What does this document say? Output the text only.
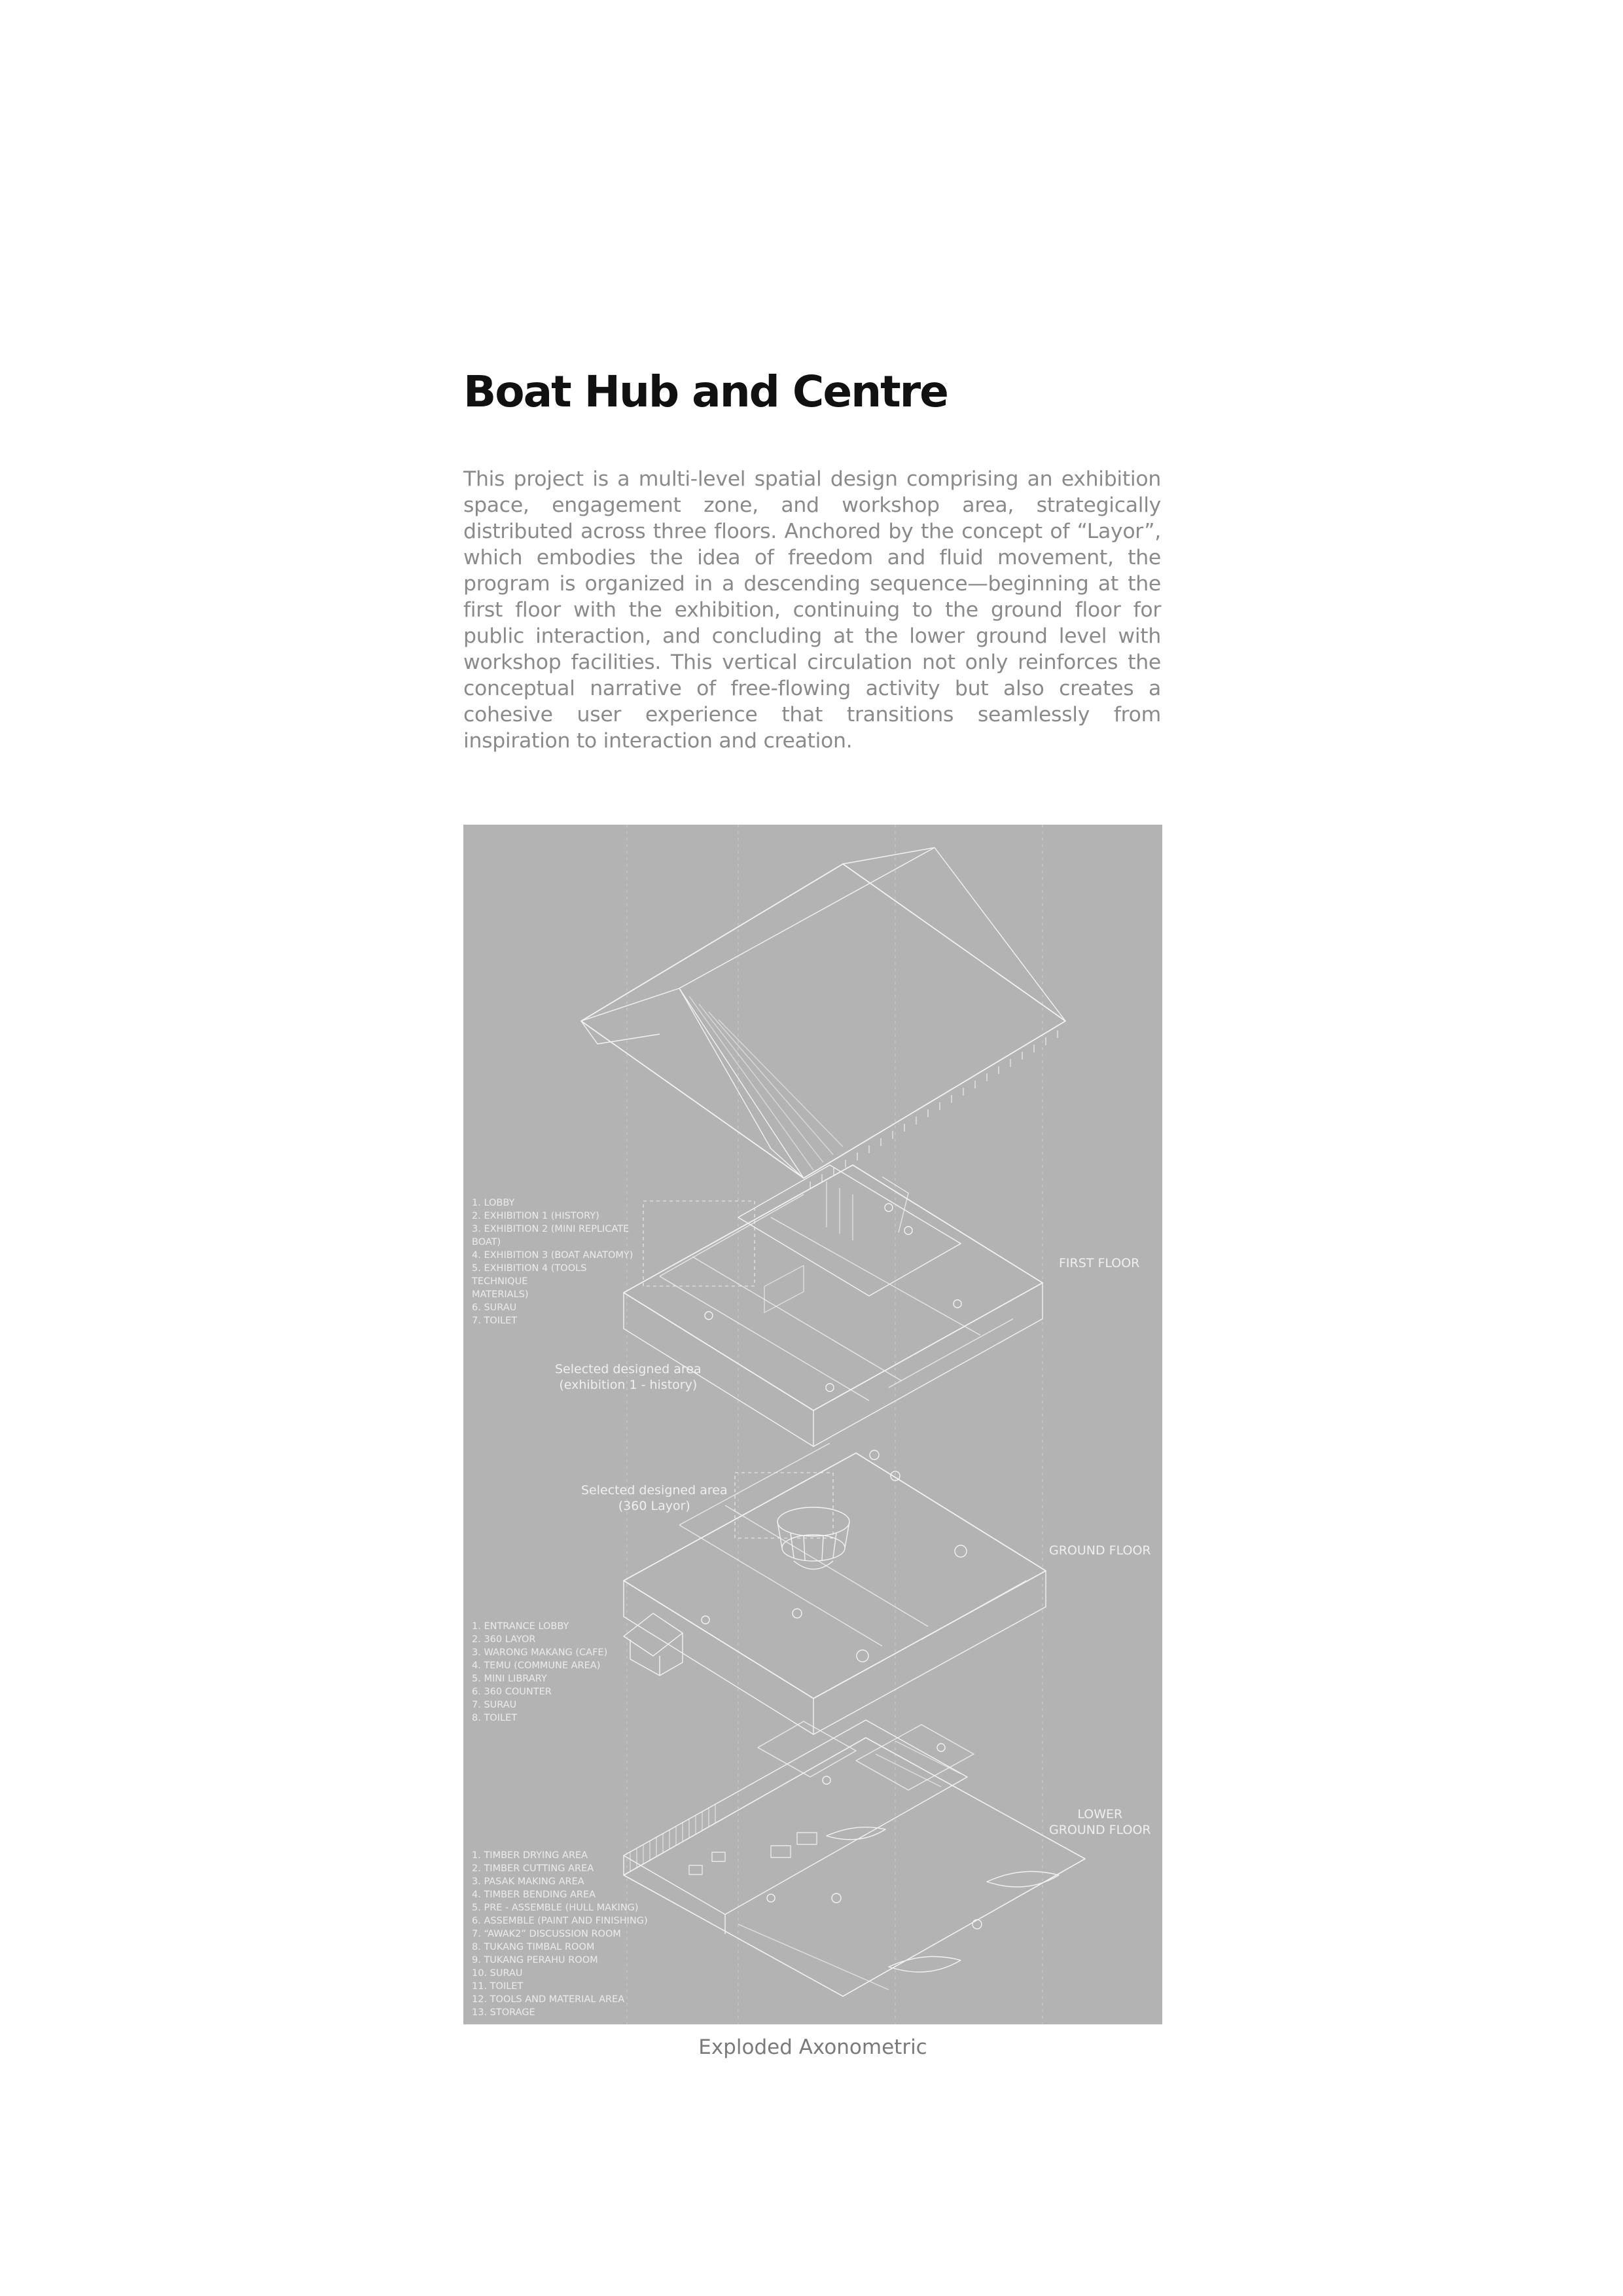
Boat Hub and Centre

This project is a multi-level spatial design comprising an exhibition space, engagement zone, and workshop area, strategically distributed across three floors. Anchored by the concept of “Layor”, which embodies the idea of freedom and fluid movement, the program is organized in a descending sequence—beginning at the first floor with the exhibition, continuing to the ground floor for public interaction, and concluding at the lower ground level with workshop facilities. This vertical circulation not only reinforces the conceptual narrative of free-flowing activity but also creates a cohesive user experience that transitions seamlessly from inspiration to interaction and creation.

1. LOBBY
2. EXHIBITION 1 (HISTORY)
3. EXHIBITION 2 (MINI REPLICATE
BOAT)
4. EXHIBITION 3 (BOAT ANATOMY)
5. EXHIBITION 4 (TOOLS
TECHNIQUE
MATERIALS)
6. SURAU
7. TOILET
FIRST FLOOR
Selected designed area
(exhibition 1 - history)
Selected designed area
(360 Layor)
GROUND FLOOR
1. ENTRANCE LOBBY
2. 360 LAYOR
3. WARONG MAKANG (CAFE)
4. TEMU (COMMUNE AREA)
5. MINI LIBRARY
6. 360 COUNTER
7. SURAU
8. TOILET
LOWER
GROUND FLOOR
1. TIMBER DRYING AREA
2. TIMBER CUTTING AREA
3. PASAK MAKING AREA
4. TIMBER BENDING AREA
5. PRE - ASSEMBLE (HULL MAKING)
6. ASSEMBLE (PAINT AND FINISHING)
7. “AWAK2” DISCUSSION ROOM
8. TUKANG TIMBAL ROOM
9. TUKANG PERAHU ROOM
10. SURAU
11. TOILET
12. TOOLS AND MATERIAL AREA
13. STORAGE
Exploded Axonometric
